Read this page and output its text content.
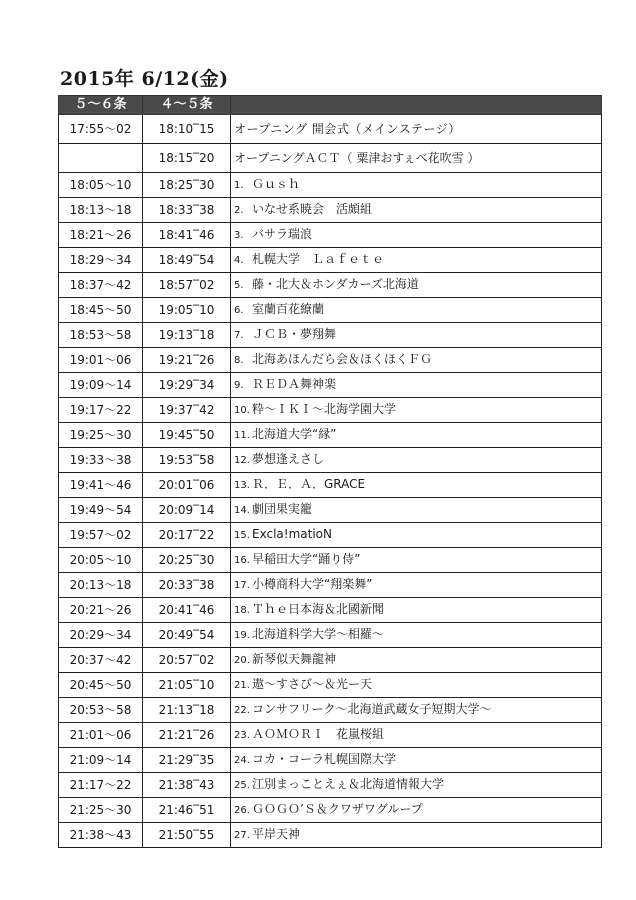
2015年 6/12(金)
５～６条	４～５条	
17:55～02	18:10‾15	オープニング 開会式（メインステージ）
	18:15‾20	オープニングＡＣＴ（ 粟津おすぇべ花吹雪 ）
18:05～10	18:25‾30	1. Ｇｕｓｈ
18:13～18	18:33‾38	2. いなせ系暁会　活頗組
18:21～26	18:41‾46	3. バサラ瑞浪
18:29～34	18:49‾54	4. 札幌大学　Ｌａｆｅｔｅ
18:37～42	18:57‾02	5. 藤・北大＆ホンダカーズ北海道
18:45～50	19:05‾10	6. 室蘭百花繚蘭
18:53～58	19:13‾18	7. ＪＣＢ・夢翔舞
19:01～06	19:21‾26	8. 北海あほんだら会＆ほくほくＦＧ
19:09～14	19:29‾34	9. ＲＥＤＡ舞神楽
19:17～22	19:37‾42	10. 粋～ＩＫＩ～北海学園大学
19:25～30	19:45‾50	11. 北海道大学“縁”
19:33～38	19:53‾58	12. 夢想逢えさし
19:41～46	20:01‾06	13. Ｒ．Ｅ．Ａ．GRACE
19:49～54	20:09‾14	14. 劇団果実籠
19:57～02	20:17‾22	15. Excla!matioN
20:05～10	20:25‾30	16. 早稲田大学“踊り侍”
20:13～18	20:33‾38	17. 小樽商科大学“翔楽舞”
20:21～26	20:41‾46	18. Ｔｈｅ日本海＆北國新聞
20:29～34	20:49‾54	19. 北海道科学大学～相羅～
20:37～42	20:57‾02	20. 新琴似天舞龍神
20:45～50	21:05‾10	21. 遨～すさび～＆光ー天
20:53～58	21:13‾18	22. コンサフリーク～北海道武蔵女子短期大学～
21:01～06	21:21‾26	23. ＡＯＭＯＲＩ　花嵐桜組
21:09～14	21:29‾35	24. コカ・コーラ札幌国際大学
21:17～22	21:38‾43	25. 江別まっことえぇ＆北海道情報大学
21:25～30	21:46‾51	26. ＧＯＧＯ’Ｓ＆クワザワグループ
21:38～43	21:50‾55	27. 平岸天神
